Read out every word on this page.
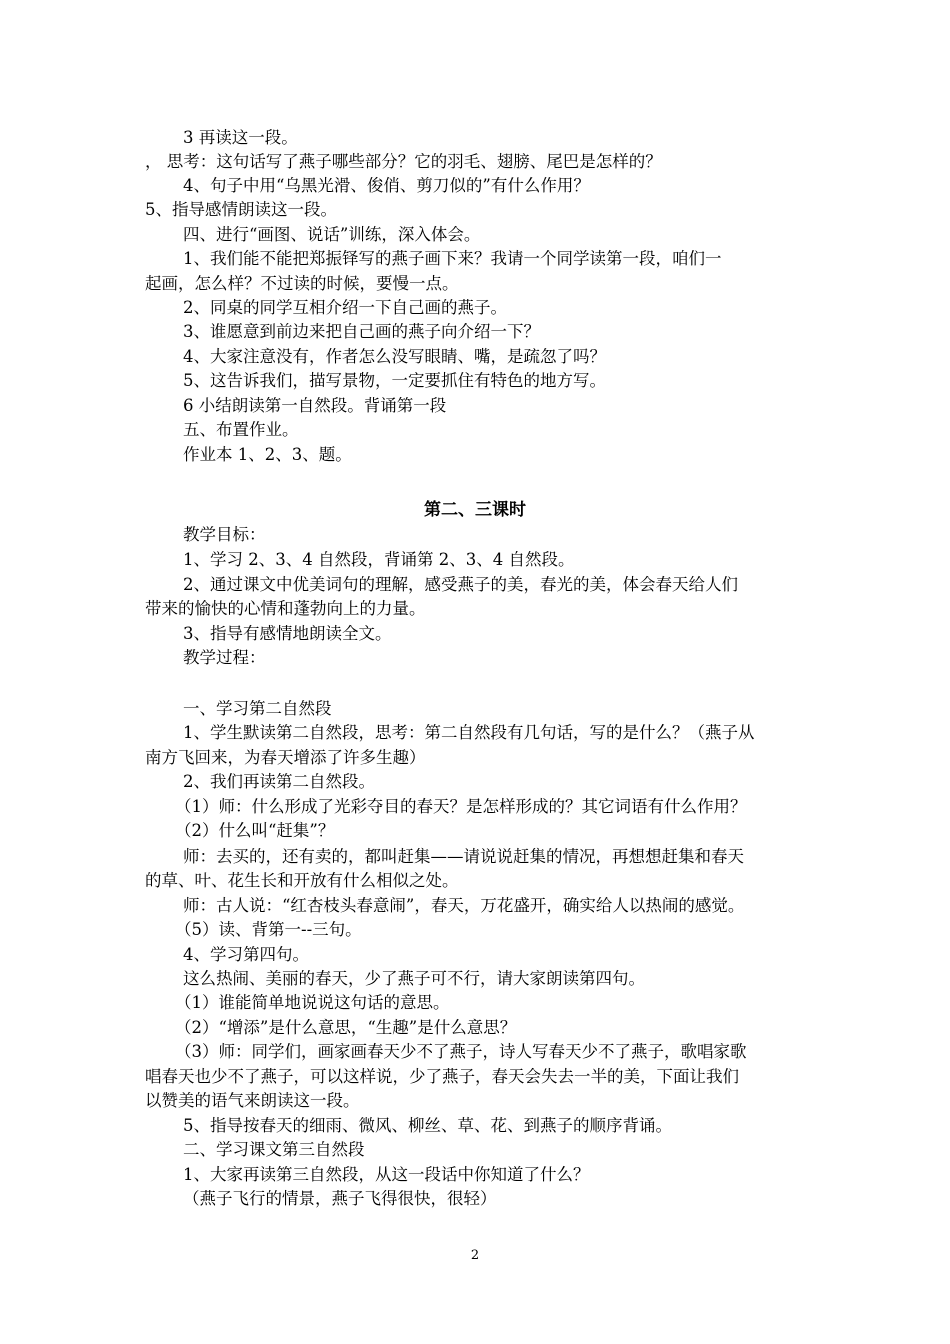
3 再读这一段。
， 思考：这句话写了燕子哪些部分？它的羽毛、翅膀、尾巴是怎样的？
4、句子中用“乌黑光滑、俊俏、剪刀似的”有什么作用？
5、指导感情朗读这一段。
四、进行“画图、说话”训练，深入体会。
1、我们能不能把郑振铎写的燕子画下来？我请一个同学读第一段，咱们一
起画，怎么样？不过读的时候，要慢一点。
2、同桌的同学互相介绍一下自己画的燕子。
3、谁愿意到前边来把自己画的燕子向介绍一下？
4、大家注意没有，作者怎么没写眼睛、嘴，是疏忽了吗？
5、这告诉我们，描写景物，一定要抓住有特色的地方写。
6 小结朗读第一自然段。背诵第一段
五、布置作业。
作业本 1、2、3、题。
第二、三课时
教学目标：
1、学习 2、3、4 自然段，背诵第 2、3、4 自然段。
2、通过课文中优美词句的理解，感受燕子的美，春光的美，体会春天给人们
带来的愉快的心情和蓬勃向上的力量。
3、指导有感情地朗读全文。
教学过程：
一、学习第二自然段
1、学生默读第二自然段，思考：第二自然段有几句话，写的是什么？（燕子从
南方飞回来，为春天增添了许多生趣）
2、我们再读第二自然段。
（1）师：什么形成了光彩夺目的春天？是怎样形成的？其它词语有什么作用？
（2）什么叫“赶集”？
师：去买的，还有卖的，都叫赶集——请说说赶集的情况，再想想赶集和春天
的草、叶、花生长和开放有什么相似之处。
师：古人说：“红杏枝头春意闹”，春天，万花盛开，确实给人以热闹的感觉。
（5）读、背第一--三句。
4、学习第四句。
这么热闹、美丽的春天，少了燕子可不行，请大家朗读第四句。
（1）谁能简单地说说这句话的意思。
（2）“增添”是什么意思，“生趣”是什么意思？
（3）师：同学们，画家画春天少不了燕子，诗人写春天少不了燕子，歌唱家歌
唱春天也少不了燕子，可以这样说，少了燕子，春天会失去一半的美，下面让我们
以赞美的语气来朗读这一段。
5、指导按春天的细雨、微风、柳丝、草、花、到燕子的顺序背诵。
二、学习课文第三自然段
1、大家再读第三自然段，从这一段话中你知道了什么？
（燕子飞行的情景，燕子飞得很快，很轻）
2
